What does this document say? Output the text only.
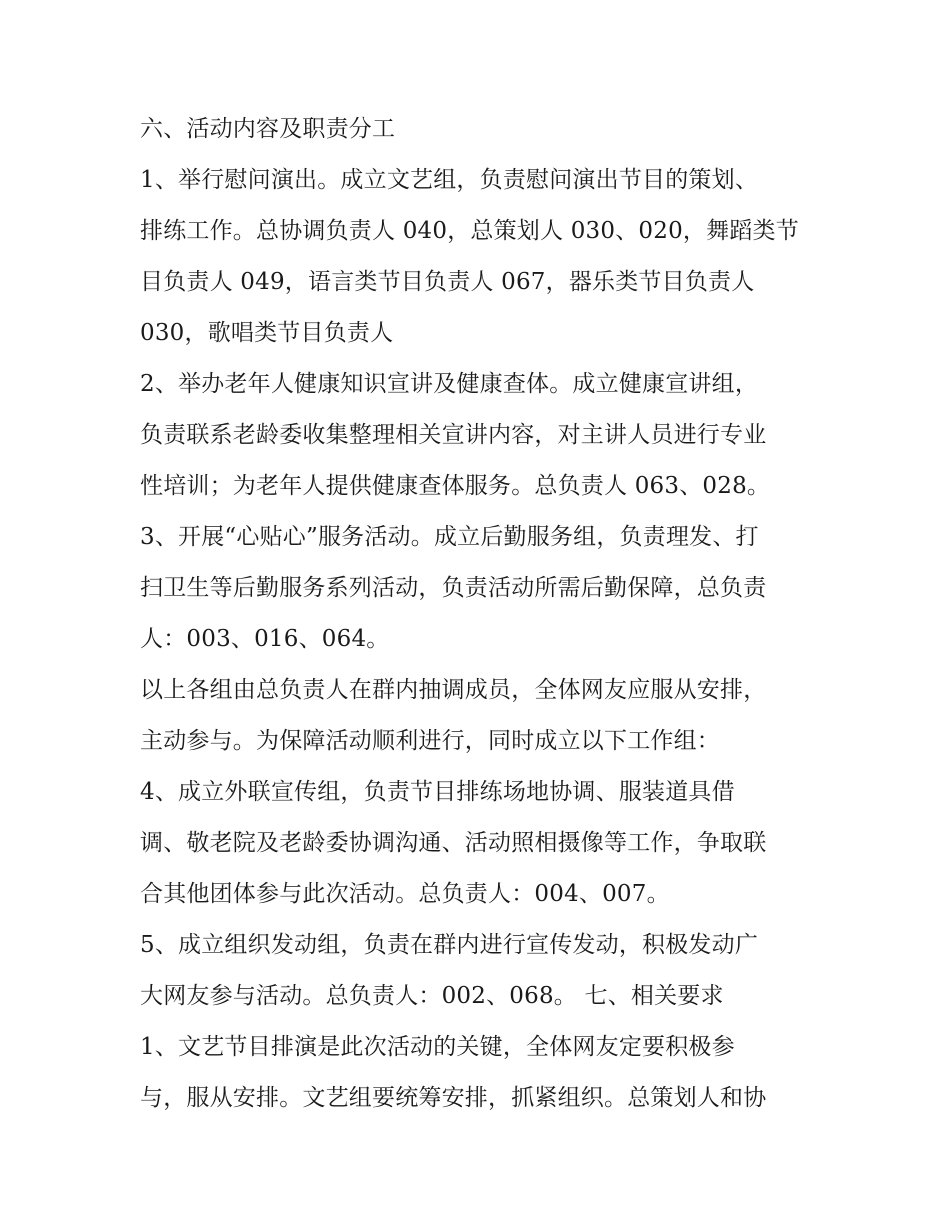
六、活动内容及职责分工
1、举行慰问演出。成立文艺组，负责慰问演出节目的策划、
排练工作。总协调负责人 040，总策划人 030、020，舞蹈类节
目负责人 049，语言类节目负责人 067，器乐类节目负责人
030，歌唱类节目负责人
2、举办老年人健康知识宣讲及健康查体。成立健康宣讲组，
负责联系老龄委收集整理相关宣讲内容，对主讲人员进行专业
性培训；为老年人提供健康查体服务。总负责人 063、028。
3、开展“心贴心”服务活动。成立后勤服务组，负责理发、打
扫卫生等后勤服务系列活动，负责活动所需后勤保障，总负责
人：003、016、064。
以上各组由总负责人在群内抽调成员，全体网友应服从安排，
主动参与。为保障活动顺利进行，同时成立以下工作组：
4、成立外联宣传组，负责节目排练场地协调、服装道具借
调、敬老院及老龄委协调沟通、活动照相摄像等工作，争取联
合其他团体参与此次活动。总负责人：004、007。
5、成立组织发动组，负责在群内进行宣传发动，积极发动广
大网友参与活动。总负责人：002、068。 七、相关要求
1、文艺节目排演是此次活动的关键，全体网友定要积极参
与，服从安排。文艺组要统筹安排，抓紧组织。总策划人和协
